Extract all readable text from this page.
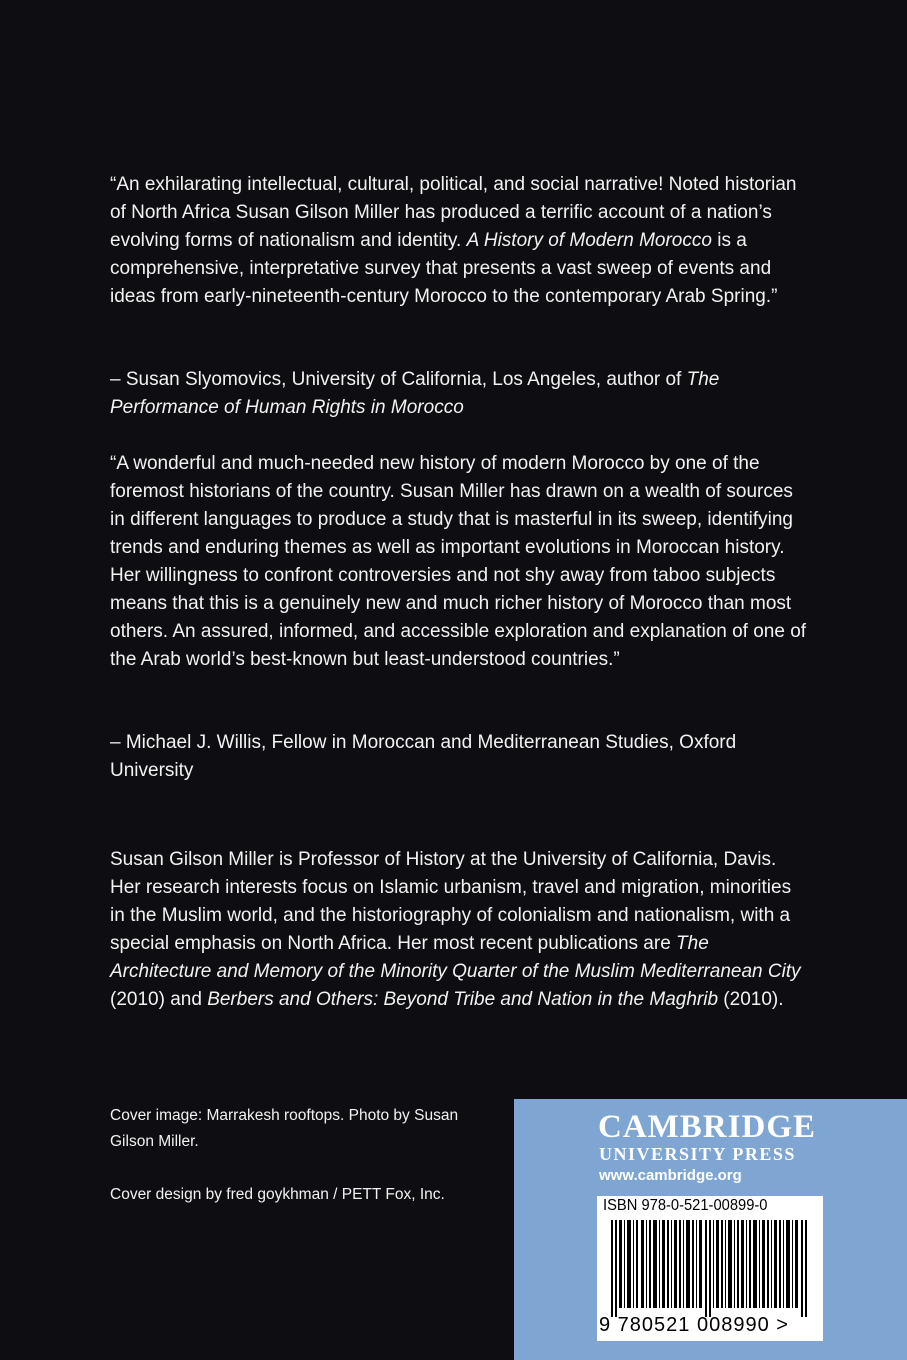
“An exhilarating intellectual, cultural, political, and social narrative! Noted historian of North Africa Susan Gilson Miller has produced a terrific account of a nation’s evolving forms of nationalism and identity. A History of Modern Morocco is a comprehensive, interpretative survey that presents a vast sweep of events and ideas from early-nineteenth-century Morocco to the contemporary Arab Spring.”

– Susan Slyomovics, University of California, Los Angeles, author of The Performance of Human Rights in Morocco

“A wonderful and much-needed new history of modern Morocco by one of the foremost historians of the country. Susan Miller has drawn on a wealth of sources in different languages to produce a study that is masterful in its sweep, identifying trends and enduring themes as well as important evolutions in Moroccan history. Her willingness to confront controversies and not shy away from taboo subjects means that this is a genuinely new and much richer history of Morocco than most others. An assured, informed, and accessible exploration and explanation of one of the Arab world’s best-known but least-understood countries.”

– Michael J. Willis, Fellow in Moroccan and Mediterranean Studies, Oxford University

Susan Gilson Miller is Professor of History at the University of California, Davis. Her research interests focus on Islamic urbanism, travel and migration, minorities in the Muslim world, and the historiography of colonialism and nationalism, with a special emphasis on North Africa. Her most recent publications are The Architecture and Memory of the Minority Quarter of the Muslim Mediterranean City (2010) and Berbers and Others: Beyond Tribe and Nation in the Maghrib (2010).

Cover image: Marrakesh rooftops. Photo by Susan Gilson Miller.

Cover design by fred goykhman / PETT Fox, Inc.

CAMBRIDGE
UNIVERSITY PRESS
www.cambridge.org
ISBN 978-0-521-00899-0
9 780521 008990 >
